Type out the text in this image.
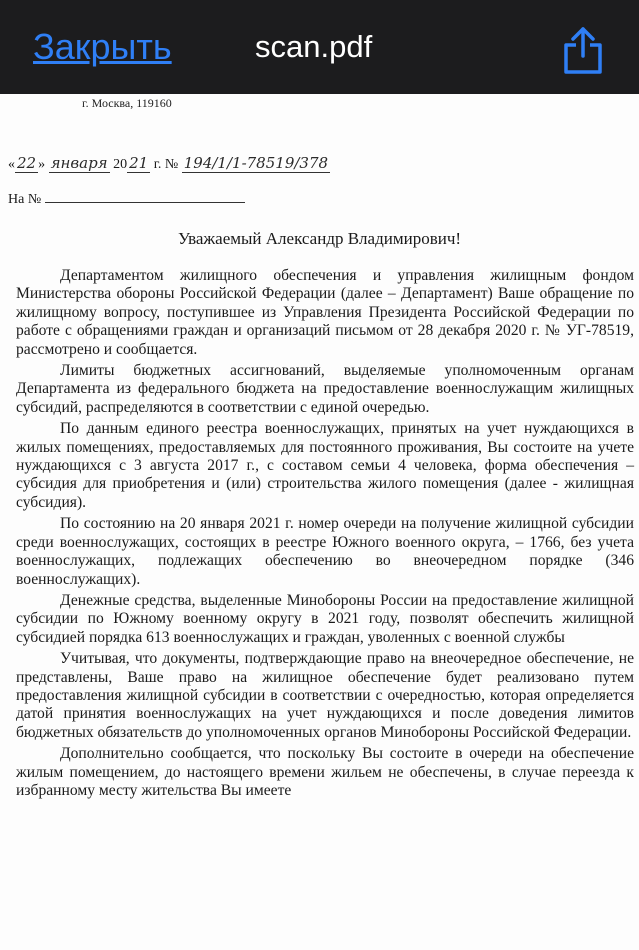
Закрыть	scan.pdf
г. Москва, 119160
« 22 » января 20 21 г. № 194/1/1-78519/378
На №
Уважаемый Александр Владимирович!

Департаментом жилищного обеспечения и управления жилищным фондом Министерства обороны Российской Федерации (далее – Департамент) Ваше обращение по жилищному вопросу, поступившее из Управления Президента Российской Федерации по работе с обращениями граждан и организаций письмом от 28 декабря 2020 г. № УГ-78519, рассмотрено и сообщается.

Лимиты бюджетных ассигнований, выделяемые уполномоченным органам Департамента из федерального бюджета на предоставление военнослужащим жилищных субсидий, распределяются в соответствии с единой очередью.

По данным единого реестра военнослужащих, принятых на учет нуждающихся в жилых помещениях, предоставляемых для постоянного проживания, Вы состоите на учете нуждающихся с 3 августа 2017 г., с составом семьи 4 человека, форма обеспечения – субсидия для приобретения и (или) строительства жилого помещения (далее - жилищная субсидия).

По состоянию на 20 января 2021 г. номер очереди на получение жилищной субсидии среди военнослужащих, состоящих в реестре Южного военного округа, – 1766, без учета военнослужащих, подлежащих обеспечению во внеочередном порядке (346 военнослужащих).

Денежные средства, выделенные Минобороны России на предоставление жилищной субсидии по Южному военному округу в 2021 году, позволят обеспечить жилищной субсидией порядка 613 военнослужащих и граждан, уволенных с военной службы

Учитывая, что документы, подтверждающие право на внеочередное обеспечение, не представлены, Ваше право на жилищное обеспечение будет реализовано путем предоставления жилищной субсидии в соответствии с очередностью, которая определяется датой принятия военнослужащих на учет нуждающихся и после доведения лимитов бюджетных обязательств до уполномоченных органов Минобороны Российской Федерации.

Дополнительно сообщается, что поскольку Вы состоите в очереди на обеспечение жилым помещением, до настоящего времени жильем не обеспечены, в случае переезда к избранному месту жительства Вы имеете
